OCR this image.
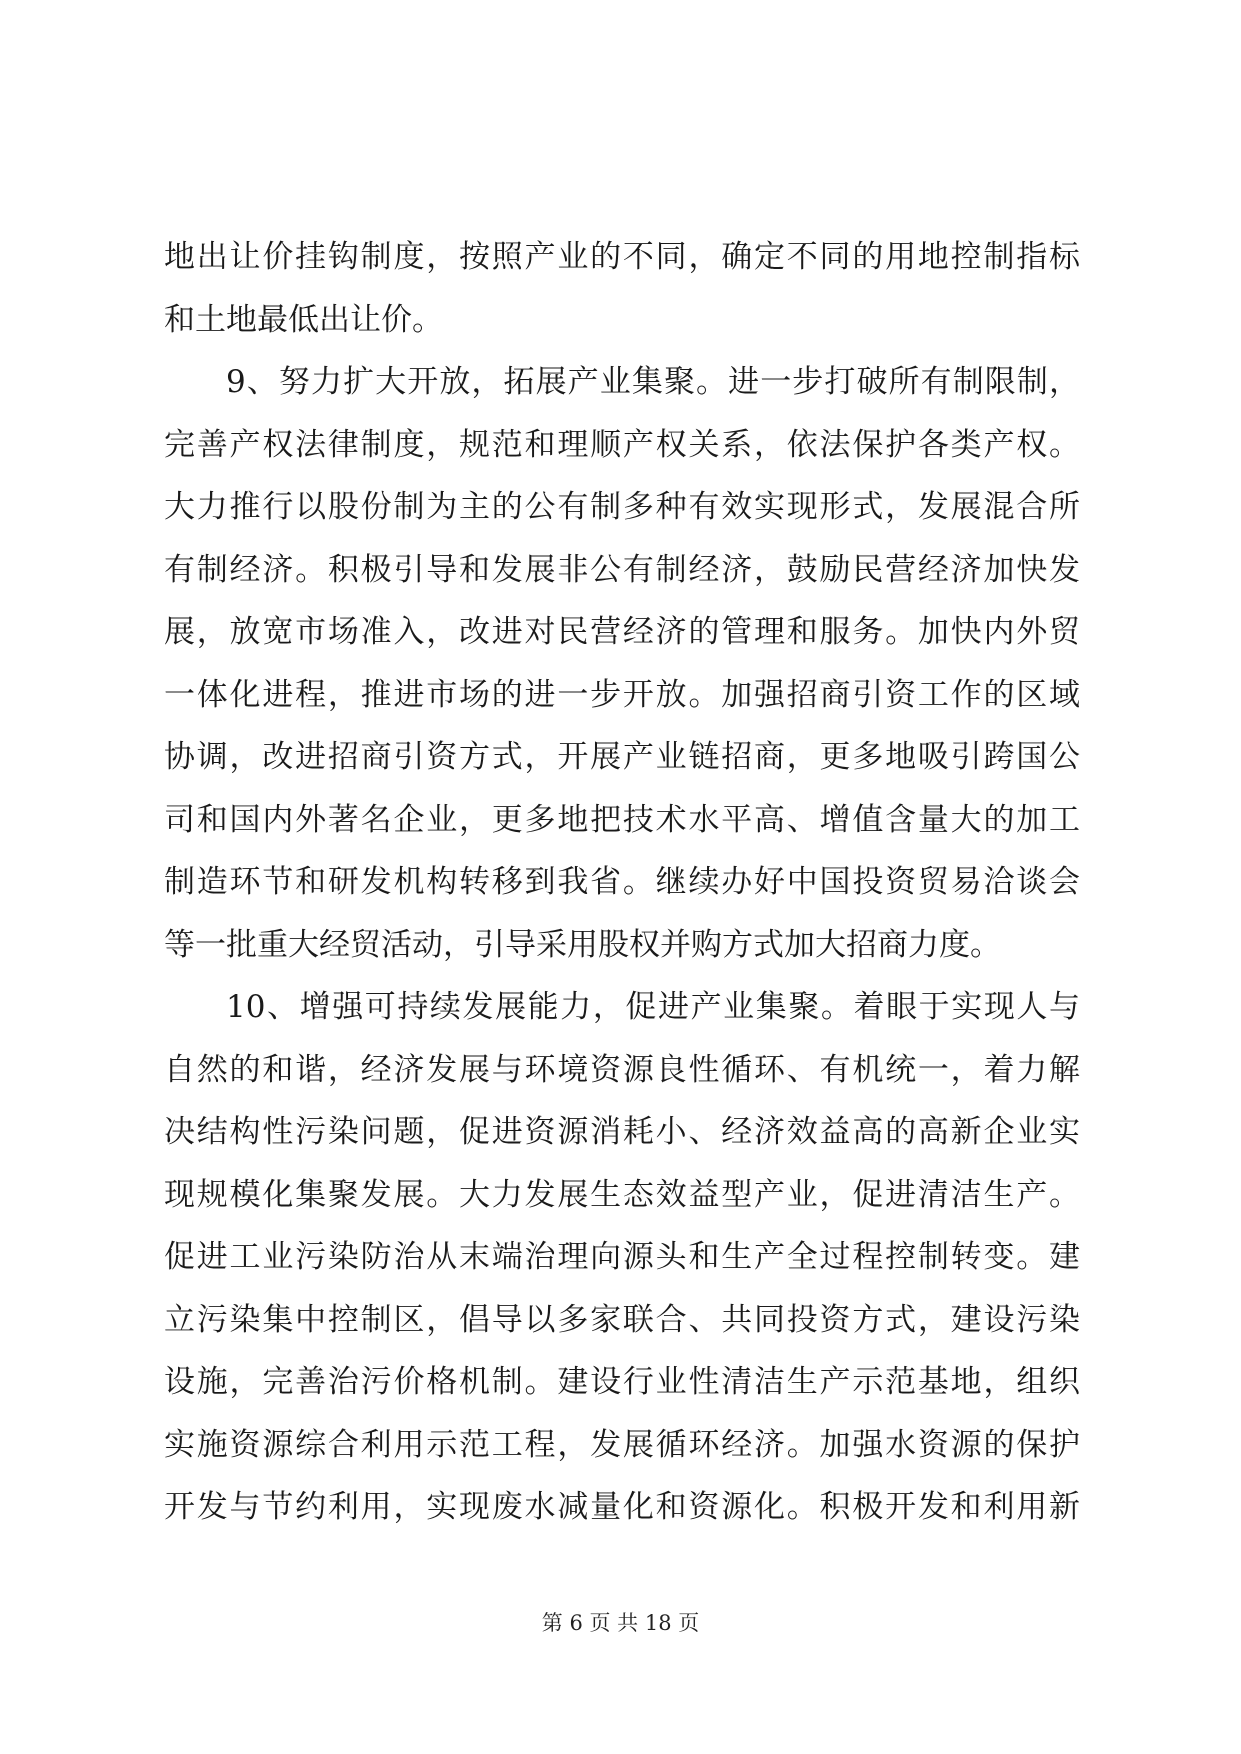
地出让价挂钩制度，按照产业的不同，确定不同的用地控制指标
和土地最低出让价。
9、努力扩大开放，拓展产业集聚。进一步打破所有制限制，
完善产权法律制度，规范和理顺产权关系，依法保护各类产权。
大力推行以股份制为主的公有制多种有效实现形式，发展混合所
有制经济。积极引导和发展非公有制经济，鼓励民营经济加快发
展，放宽市场准入，改进对民营经济的管理和服务。加快内外贸
一体化进程，推进市场的进一步开放。加强招商引资工作的区域
协调，改进招商引资方式，开展产业链招商，更多地吸引跨国公
司和国内外著名企业，更多地把技术水平高、增值含量大的加工
制造环节和研发机构转移到我省。继续办好中国投资贸易洽谈会
等一批重大经贸活动，引导采用股权并购方式加大招商力度。
10、增强可持续发展能力，促进产业集聚。着眼于实现人与
自然的和谐，经济发展与环境资源良性循环、有机统一，着力解
决结构性污染问题，促进资源消耗小、经济效益高的高新企业实
现规模化集聚发展。大力发展生态效益型产业，促进清洁生产。
促进工业污染防治从末端治理向源头和生产全过程控制转变。建
立污染集中控制区，倡导以多家联合、共同投资方式，建设污染
设施，完善治污价格机制。建设行业性清洁生产示范基地，组织
实施资源综合利用示范工程，发展循环经济。加强水资源的保护
开发与节约利用，实现废水减量化和资源化。积极开发和利用新
第 6 页 共 18 页
